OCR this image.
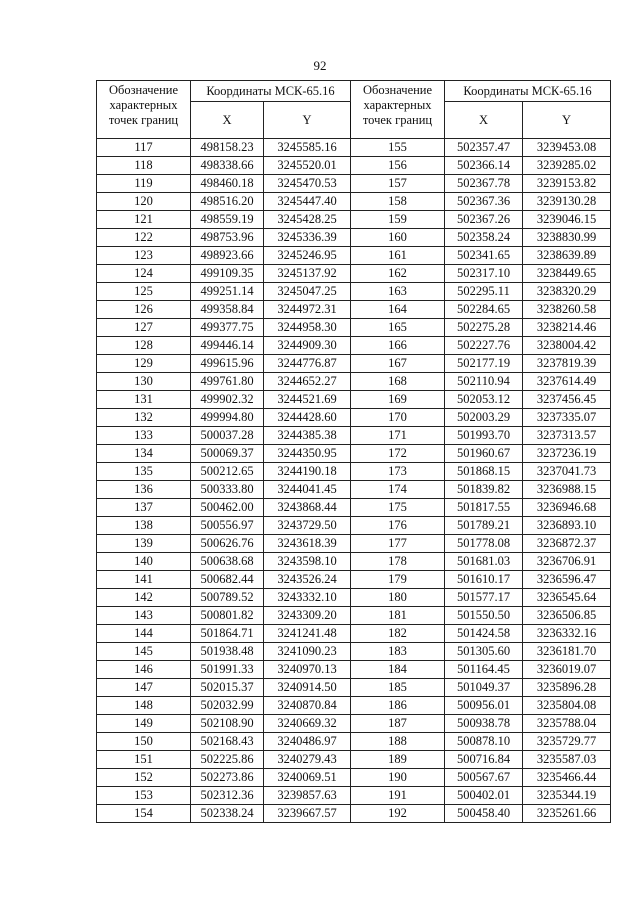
92
Обозначение
характерных
точек границ	Координаты МСК-65.16		Обозначение
характерных
точек границ	Координаты МСК-65.16	
	X	Y		X	Y
117	498158.23	3245585.16	155	502357.47	3239453.08
118	498338.66	3245520.01	156	502366.14	3239285.02
119	498460.18	3245470.53	157	502367.78	3239153.82
120	498516.20	3245447.40	158	502367.36	3239130.28
121	498559.19	3245428.25	159	502367.26	3239046.15
122	498753.96	3245336.39	160	502358.24	3238830.99
123	498923.66	3245246.95	161	502341.65	3238639.89
124	499109.35	3245137.92	162	502317.10	3238449.65
125	499251.14	3245047.25	163	502295.11	3238320.29
126	499358.84	3244972.31	164	502284.65	3238260.58
127	499377.75	3244958.30	165	502275.28	3238214.46
128	499446.14	3244909.30	166	502227.76	3238004.42
129	499615.96	3244776.87	167	502177.19	3237819.39
130	499761.80	3244652.27	168	502110.94	3237614.49
131	499902.32	3244521.69	169	502053.12	3237456.45
132	499994.80	3244428.60	170	502003.29	3237335.07
133	500037.28	3244385.38	171	501993.70	3237313.57
134	500069.37	3244350.95	172	501960.67	3237236.19
135	500212.65	3244190.18	173	501868.15	3237041.73
136	500333.80	3244041.45	174	501839.82	3236988.15
137	500462.00	3243868.44	175	501817.55	3236946.68
138	500556.97	3243729.50	176	501789.21	3236893.10
139	500626.76	3243618.39	177	501778.08	3236872.37
140	500638.68	3243598.10	178	501681.03	3236706.91
141	500682.44	3243526.24	179	501610.17	3236596.47
142	500789.52	3243332.10	180	501577.17	3236545.64
143	500801.82	3243309.20	181	501550.50	3236506.85
144	501864.71	3241241.48	182	501424.58	3236332.16
145	501938.48	3241090.23	183	501305.60	3236181.70
146	501991.33	3240970.13	184	501164.45	3236019.07
147	502015.37	3240914.50	185	501049.37	3235896.28
148	502032.99	3240870.84	186	500956.01	3235804.08
149	502108.90	3240669.32	187	500938.78	3235788.04
150	502168.43	3240486.97	188	500878.10	3235729.77
151	502225.86	3240279.43	189	500716.84	3235587.03
152	502273.86	3240069.51	190	500567.67	3235466.44
153	502312.36	3239857.63	191	500402.01	3235344.19
154	502338.24	3239667.57	192	500458.40	3235261.66
